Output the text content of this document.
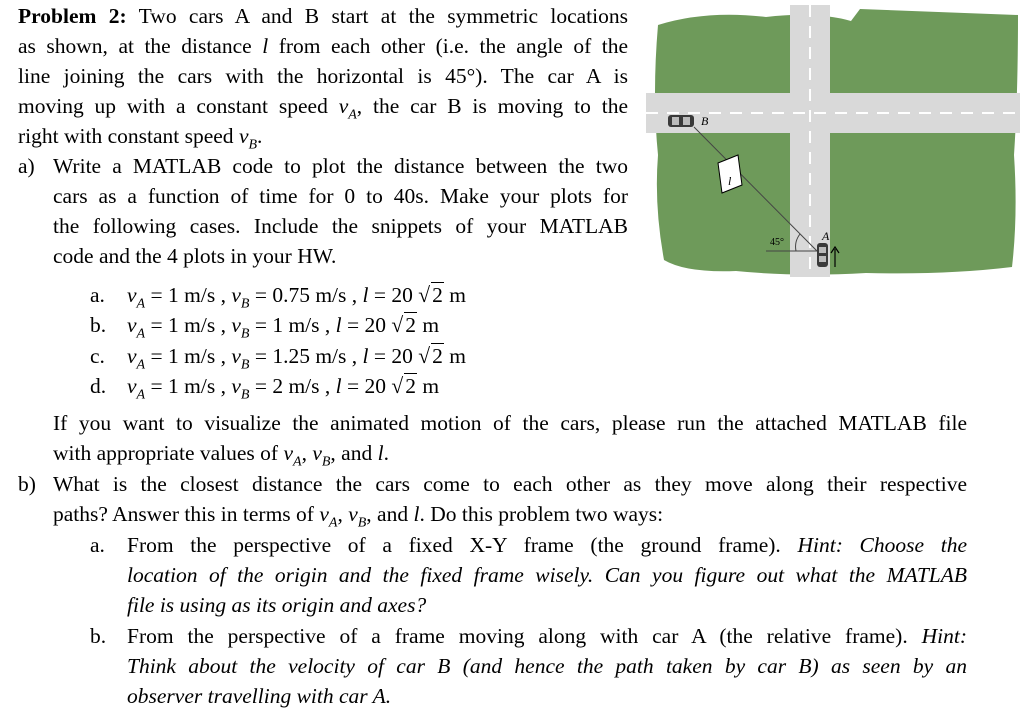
Problem 2: Two cars A and B start at the symmetric locations
as shown, at the distance l from each other (i.e. the angle of the
line joining the cars with the horizontal is 45°). The car A is
moving up with a constant speed $v_A$, the car B is moving to the
right with constant speed $v_B$.
a) Write a MATLAB code to plot the distance between the two
cars as a function of time for 0 to 40s. Make your plots for
the following cases. Include the snippets of your MATLAB
code and the 4 plots in your HW.
a. $v_A = 1$ m/s , $v_B = 0.75$ m/s , l = 20 √2 m
b. $v_A = 1$ m/s , $v_B = 1$ m/s , l = 20 √2 m
c. $v_A = 1$ m/s , $v_B = 1.25$ m/s , l = 20 √2 m
d. $v_A = 1$ m/s , $v_B = 2$ m/s , l = 20 √2 m
If you want to visualize the animated motion of the cars, please run the attached MATLAB file
with appropriate values of $v_A$, $v_B$, and l.
b) What is the closest distance the cars come to each other as they move along their respective
paths? Answer this in terms of $v_A$, $v_B$, and l. Do this problem two ways:
a. From the perspective of a fixed X-Y frame (the ground frame). Hint: Choose the
location of the origin and the fixed frame wisely. Can you figure out what the MATLAB
file is using as its origin and axes?
b. From the perspective of a frame moving along with car A (the relative frame). Hint:
Think about the velocity of car B (and hence the path taken by car B) as seen by an
observer travelling with car A.
B
A
45°
l
